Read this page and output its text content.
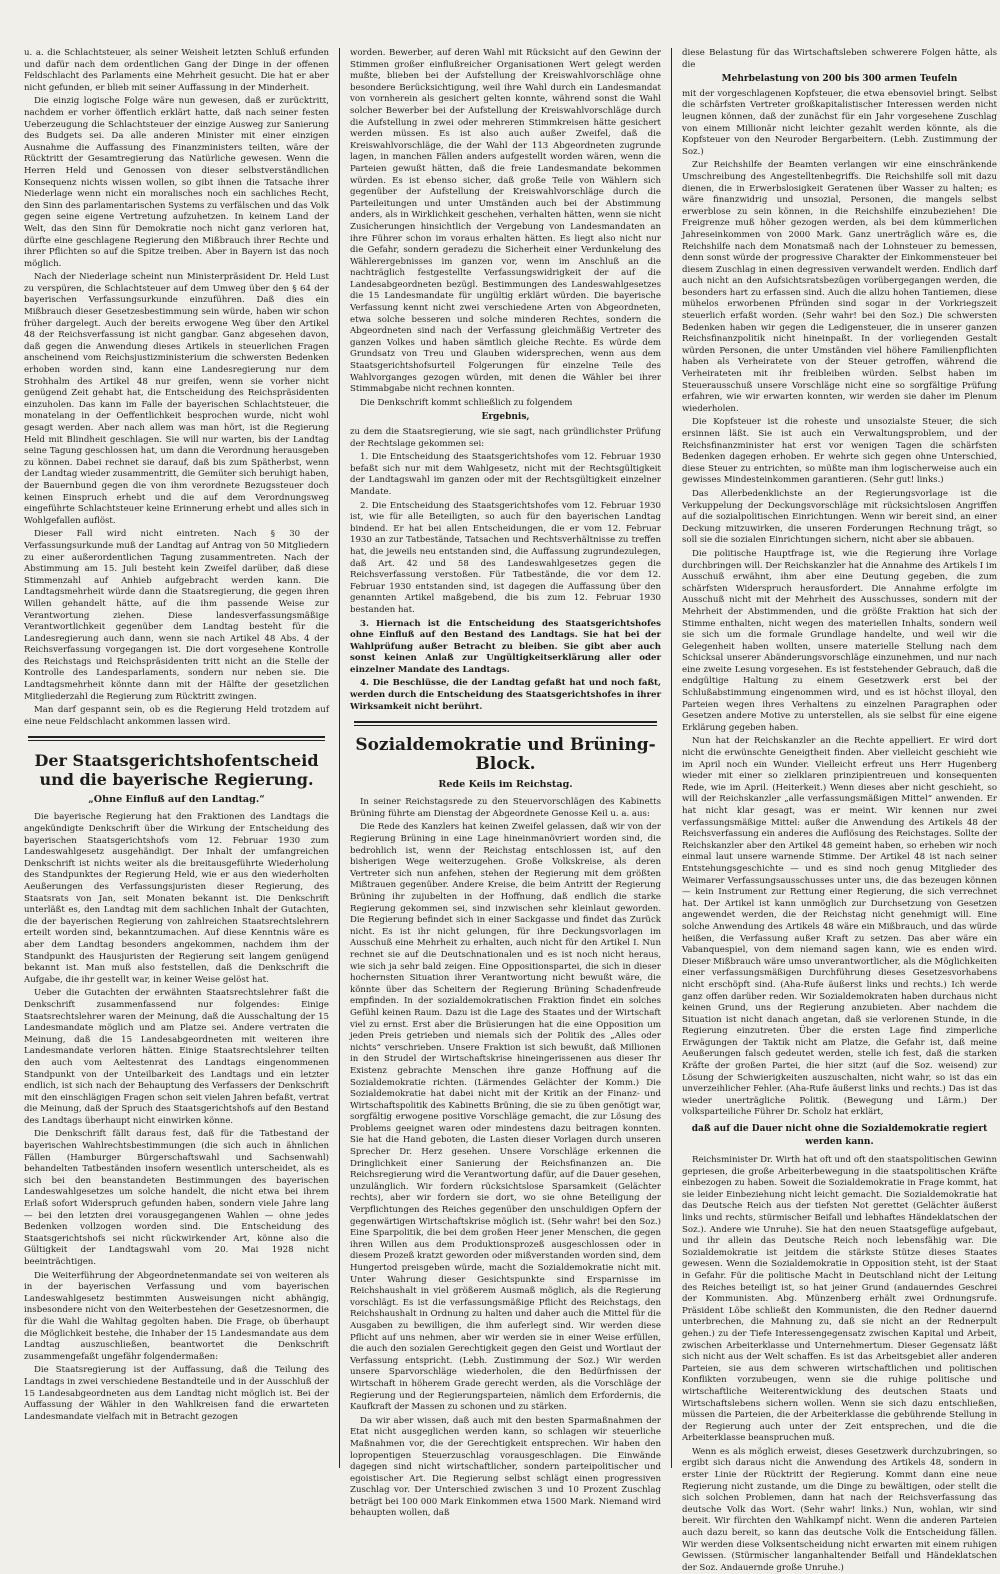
u. a. die Schlachtsteuer, als seiner Weisheit letzten Schluß erfunden und dafür nach dem ordentlichen Gang der Dinge in der offenen Feldschlacht des Parlaments eine Mehrheit gesucht. Die hat er aber nicht gefunden, er blieb mit seiner Auffassung in der Minderheit.

Die einzig logische Folge wäre nun gewesen, daß er zurücktritt, nachdem er vorher öffentlich erklärt hatte, daß nach seiner festen Ueberzeugung die Schlachtsteuer der einzige Ausweg zur Sanierung des Budgets sei. Da alle anderen Minister mit einer einzigen Ausnahme die Auffassung des Finanzministers teilten, wäre der Rücktritt der Gesamtregierung das Natürliche gewesen. Wenn die Herren Held und Genossen von dieser selbstverständlichen Konsequenz nichts wissen wollen, so gibt ihnen die Tatsache ihrer Niederlage wenn nicht ein moralisches noch ein sachliches Recht, den Sinn des parlamentarischen Systems zu verfälschen und das Volk gegen seine eigene Vertretung aufzuhetzen. In keinem Land der Welt, das den Sinn für Demokratie noch nicht ganz verloren hat, dürfte eine geschlagene Regierung den Mißbrauch ihrer Rechte und ihrer Pflichten so auf die Spitze treiben. Aber in Bayern ist das noch möglich.

Nach der Niederlage scheint nun Ministerpräsident Dr. Held Lust zu verspüren, die Schlachtsteuer auf dem Umweg über den § 64 der bayerischen Verfassungsurkunde einzuführen. Daß dies ein Mißbrauch dieser Gesetzesbestimmung sein würde, haben wir schon früher dargelegt. Auch der bereits erwogene Weg über den Artikel 48 der Reichsverfassung ist nicht gangbar. Ganz abgesehen davon, daß gegen die Anwendung dieses Artikels in steuerlichen Fragen anscheinend vom Reichsjustizministerium die schwersten Bedenken erhoben worden sind, kann eine Landesregierung nur dem Strohhalm des Artikel 48 nur greifen, wenn sie vorher nicht genügend Zeit gehabt hat, die Entscheidung des Reichspräsidenten einzuholen. Das kann im Falle der bayerischen Schlachtsteuer, die monatelang in der Oeffentlichkeit besprochen wurde, nicht wohl gesagt werden. Aber nach allem was man hört, ist die Regierung Held mit Blindheit geschlagen. Sie will nur warten, bis der Landtag seine Tagung geschlossen hat, um dann die Verordnung herausgeben zu können. Dabei rechnet sie darauf, daß bis zum Spätherbst, wenn der Landtag wieder zusammentritt, die Gemüter sich beruhigt haben, der Bauernbund gegen die von ihm verordnete Bezugssteuer doch keinen Einspruch erhebt und die auf dem Verordnungsweg eingeführte Schlachtsteuer keine Erinnerung erhebt und alles sich in Wohlgefallen auflöst.

Dieser Fall wird nicht eintreten. Nach § 30 der Verfassungsurkunde muß der Landtag auf Antrag von 50 Mitgliedern zu einer außerordentlichen Tagung zusammentreten. Nach der Abstimmung am 15. Juli besteht kein Zweifel darüber, daß diese Stimmenzahl auf Anhieb aufgebracht werden kann. Die Landtagsmehrheit würde dann die Staatsregierung, die gegen ihren Willen gehandelt hätte, auf die ihm passende Weise zur Verantwortung ziehen. Diese landesverfassungsmäßige Verantwortlichkeit gegenüber dem Landtag besteht für die Landesregierung auch dann, wenn sie nach Artikel 48 Abs. 4 der Reichsverfassung vorgegangen ist. Die dort vorgesehene Kontrolle des Reichstags und Reichspräsidenten tritt nicht an die Stelle der Kontrolle des Landesparlaments, sondern nur neben sie. Die Landtagsmehrheit könnte dann mit der Hälfte der gesetzlichen Mitgliederzahl die Regierung zum Rücktritt zwingen.

Man darf gespannt sein, ob es die Regierung Held trotzdem auf eine neue Feldschlacht ankommen lassen wird.

Der Staatsgerichtshofentscheid und die bayerische Regierung.
„Ohne Einfluß auf den Landtag.“

Die bayerische Regierung hat den Fraktionen des Landtags die angekündigte Denkschrift über die Wirkung der Entscheidung des bayerischen Staatsgerichtshofs vom 12. Februar 1930 zum Landeswahlgesetz ausgehändigt. Der Inhalt der umfangreichen Denkschrift ist nichts weiter als die breitausgeführte Wiederholung des Standpunktes der Regierung Held, wie er aus den wiederholten Aeußerungen des Verfassungsjuristen dieser Regierung, des Staatsrats von Jan, seit Monaten bekannt ist. Die Denkschrift unterläßt es, den Landtag mit dem sachlichen Inhalt der Gutachten, die der bayerischen Regierung von zahlreichen Staatsrechtslehrern erteilt worden sind, bekanntzumachen. Auf diese Kenntnis wäre es aber dem Landtag besonders angekommen, nachdem ihm der Standpunkt des Hausjuristen der Regierung seit langem genügend bekannt ist. Man muß also feststellen, daß die Denkschrift die Aufgabe, die ihr gestellt war, in keiner Weise gelöst hat.

Ueber die Gutachten der erwähnten Staatsrechtslehrer faßt die Denkschrift zusammenfassend nur folgendes: Einige Staatsrechtslehrer waren der Meinung, daß die Ausschaltung der 15 Landesmandate möglich und am Platze sei. Andere vertraten die Meinung, daß die 15 Landesabgeordneten mit weiteren ihre Landesmandate verloren hätten. Einige Staatsrechtslehrer teilten den auch vom Aeltestenrat des Landtags eingenommenen Standpunkt von der Unteilbarkeit des Landtags und ein letzter endlich, ist sich nach der Behauptung des Verfassers der Denkschrift mit den einschlägigen Fragen schon seit vielen Jahren befaßt, vertrat die Meinung, daß der Spruch des Staatsgerichtshofs auf den Bestand des Landtags überhaupt nicht einwirken könne.

Die Denkschrift fällt daraus fest, daß für die Tatbestand der bayerischen Wahlrechtsbestimmungen (die sich auch in ähnlichen Fällen (Hamburger Bürgerschaftswahl und Sachsenwahl) behandelten Tatbeständen insofern wesentlich unterscheidet, als es sich bei den beanstandeten Bestimmungen des bayerischen Landeswahlgesetzes um solche handelt, die nicht etwa bei ihrem Erlaß sofort Widerspruch gefunden haben, sondern viele Jahre lang — bei den letzten drei vorausgegangenen Wahlen — ohne jedes Bedenken vollzogen worden sind. Die Entscheidung des Staatsgerichtshofs sei nicht rückwirkender Art, könne also die Gültigkeit der Landtagswahl vom 20. Mai 1928 nicht beeinträchtigen.

Die Weiterführung der Abgeordnetenmandate sei von weiteren als in der bayerischen Verfassung und vom bayerischen Landeswahlgesetz bestimmten Ausweisungen nicht abhängig, insbesondere nicht von den Weiterbestehen der Gesetzesnormen, die für die Wahl die Wahltag gegolten haben. Die Frage, ob überhaupt die Möglichkeit bestehe, die Inhaber der 15 Landesmandate aus dem Landtag auszuschließen, beantwortet die Denkschrift zusammengefaßt ungefähr folgendermaßen:

Die Staatsregierung ist der Auffassung, daß die Teilung des Landtags in zwei verschiedene Bestandteile und in der Ausschluß der 15 Landesabgeordneten aus dem Landtag nicht möglich ist. Bei der Auffassung der Wähler in den Wahlkreisen fand die erwarteten Landesmandate vielfach mit in Betracht gezogen

worden. Bewerber, auf deren Wahl mit Rücksicht auf den Gewinn der Stimmen großer einflußreicher Organisationen Wert gelegt werden mußte, blieben bei der Aufstellung der Kreiswahlvorschläge ohne besondere Berücksichtigung, weil ihre Wahl durch ein Landesmandat von vornherein als gesichert gelten konnte, während sonst die Wahl solcher Bewerber bei der Aufstellung der Kreiswahlvorschläge durch die Aufstellung in zwei oder mehreren Stimmkreisen hätte gesichert werden müssen. Es ist also auch außer Zweifel, daß die Kreiswahlvorschläge, die der Wahl der 113 Abgeordneten zugrunde lagen, in manchen Fällen anders aufgestellt worden wären, wenn die Parteien gewußt hätten, daß die freie Landesmandate bekommen würden. Es ist ebenso sicher, daß große Teile von Wählern sich gegenüber der Aufstellung der Kreiswahlvorschläge durch die Parteileitungen und unter Umständen auch bei der Abstimmung anders, als in Wirklichkeit geschehen, verhalten hätten, wenn sie nicht Zusicherungen hinsichtlich der Vergebung von Landesmandaten an ihre Führer schon im voraus erhalten hätten. Es liegt also nicht nur die Gefahr, sondern geradezu die Sicherheit einer Verdunkelung des Wählerergebnisses im ganzen vor, wenn im Anschluß an die nachträglich festgestellte Verfassungswidrigkeit der auf die Landesabgeordneten bezügl. Bestimmungen des Landeswahlgesetzes die 15 Landesmandate für ungültig erklärt würden. Die bayerische Verfassung kennt nicht zwei verschiedene Arten von Abgeordneten, etwa solche besseren und solche minderen Rechtes, sondern die Abgeordneten sind nach der Verfassung gleichmäßig Vertreter des ganzen Volkes und haben sämtlich gleiche Rechte. Es würde dem Grundsatz von Treu und Glauben widersprechen, wenn aus dem Staatsgerichtshofsurteil Folgerungen für einzelne Teile des Wahlvorganges gezogen würden, mit denen die Wähler bei ihrer Stimmabgabe nicht rechnen konnten.

Die Denkschrift kommt schließlich zu folgendem

Ergebnis,

zu dem die Staatsregierung, wie sie sagt, nach gründlichster Prüfung der Rechtslage gekommen sei:

1. Die Entscheidung des Staatsgerichtshofes vom 12. Februar 1930 befaßt sich nur mit dem Wahlgesetz, nicht mit der Rechtsgültigkeit der Landtagswahl im ganzen oder mit der Rechtsgültigkeit einzelner Mandate.

2. Die Entscheidung des Staatsgerichtshofes vom 12. Februar 1930 ist, wie für alle Beteiligten, so auch für den bayerischen Landtag bindend. Er hat bei allen Entscheidungen, die er vom 12. Februar 1930 an zur Tatbestände, Tatsachen und Rechtsverhältnisse zu treffen hat, die jeweils neu entstanden sind, die Auffassung zugrundezulegen, daß Art. 42 und 58 des Landeswahlgesetzes gegen die Reichsverfassung verstoßen. Für Tatbestände, die vor dem 12. Februar 1930 entstanden sind, ist dagegen die Auffassung über den genannten Artikel maßgebend, die bis zum 12. Februar 1930 bestanden hat.

3. Hiernach ist die Entscheidung des Staatsgerichtshofes ohne Einfluß auf den Bestand des Landtags. Sie hat bei der Wahlprüfung außer Betracht zu bleiben. Sie gibt aber auch sonst keinen Anlaß zur Ungültigkeitserklärung aller oder einzelner Mandate des Landtags.

4. Die Beschlüsse, die der Landtag gefaßt hat und noch faßt, werden durch die Entscheidung des Staatsgerichtshofes in ihrer Wirksamkeit nicht berührt.

Sozialdemokratie und Brüning-Block.
Rede Keils im Reichstag.

In seiner Reichstagsrede zu den Steuervorschlägen des Kabinetts Brüning führte am Dienstag der Abgeordnete Genosse Keil u. a. aus:

Die Rede des Kanzlers hat keinen Zweifel gelassen, daß wir von der Regierung Brüning in eine Lage hineinmanövriert worden sind, die bedrohlich ist, wenn der Reichstag entschlossen ist, auf den bisherigen Wege weiterzugehen. Große Volkskreise, als deren Vertreter sich nun anfehen, stehen der Regierung mit dem größten Mißtrauen gegenüber. Andere Kreise, die beim Antritt der Regierung Brüning ihr zujubelten in der Hoffnung, daß endlich die starke Regierung gekommen sei, sind inzwischen sehr kleinlaut geworden. Die Regierung befindet sich in einer Sackgasse und findet das Zurück nicht. Es ist ihr nicht gelungen, für ihre Deckungsvorlagen im Ausschuß eine Mehrheit zu erhalten, auch nicht für den Artikel I. Nun rechnet sie auf die Deutschnationalen und es ist noch nicht heraus, wie sich ja sehr bald zeigen. Eine Oppositionspartei, die sich in dieser hochernsten Situation ihrer Verantwortung nicht bewußt wäre, die könnte über das Scheitern der Regierung Brüning Schadenfreude empfinden. In der sozialdemokratischen Fraktion findet ein solches Gefühl keinen Raum. Dazu ist die Lage des Staates und der Wirtschaft viel zu ernst. Erst aber die Brüsierungen hat die eine Opposition um jeden Preis getrieben und niemals sich der Politik des „Alles oder nichts“ verschrieben. Unsere Fraktion ist sich bewußt, daß Millionen in den Strudel der Wirtschaftskrise hineingerissenen aus dieser Ihr Existenz gebrachte Menschen ihre ganze Hoffnung auf die Sozialdemokratie richten. (Lärmendes Gelächter der Komm.) Die Sozialdemokratie hat dabei nicht mit der Kritik an der Finanz- und Wirtschaftspolitik des Kabinetts Brüning, die sie zu üben genötigt war, sorgfältig erwogene positive Vorschläge gemacht, die zur Lösung des Problems geeignet waren oder mindestens dazu beitragen konnten. Sie hat die Hand geboten, die Lasten dieser Vorlagen durch unseren Sprecher Dr. Herz gesehen. Unsere Vorschläge erkennen die Dringlichkeit einer Sanierung der Reichsfinanzen an. Die Reichsregierung wird die Verantwortung dafür, auf die Dauer gesehen, unzulänglich. Wir fordern rücksichtslose Sparsamkeit (Gelächter rechts), aber wir fordern sie dort, wo sie ohne Beteiligung der Verpflichtungen des Reiches gegenüber den unschuldigen Opfern der gegenwärtigen Wirtschaftskrise möglich ist. (Sehr wahr! bei den Soz.) Eine Sparpolitik, die bei dem großen Heer jener Menschen, die gegen ihren Willen aus dem Produktionsprozeß ausgeschlossen oder in diesem Prozeß kratzt geworden oder mißverstanden worden sind, dem Hungertod preisgeben würde, macht die Sozialdemokratie nicht mit. Unter Wahrung dieser Gesichtspunkte sind Ersparnisse im Reichshaushalt in viel größerem Ausmaß möglich, als die Regierung vorschlägt. Es ist die verfassungsmäßige Pflicht des Reichstags, den Reichshaushalt in Ordnung zu halten und daher auch die Mittel für die Ausgaben zu bewilligen, die ihm auferlegt sind. Wir werden diese Pflicht auf uns nehmen, aber wir werden sie in einer Weise erfüllen, die auch den sozialen Gerechtigkeit gegen den Geist und Wortlaut der Verfassung entspricht. (Lebh. Zustimmung der Soz.) Wir werden unsere Sparvorschläge wiederholen, die den Bedürfnissen der Wirtschaft in höherem Grade gerecht werden, als die Vorschläge der Regierung und der Regierungsparteien, nämlich dem Erfordernis, die Kaufkraft der Massen zu schonen und zu stärken.

Da wir aber wissen, daß auch mit den besten Sparmaßnahmen der Etat nicht ausgeglichen werden kann, so schlagen wir steuerliche Maßnahmen vor, die der Gerechtigkeit entsprechen. Wir haben den lopropentigen Steuerzuschlag vorausgeschlagen. Die Einwände dagegen sind nicht wirtschaftlicher, sondern parteipolitischer und egoistischer Art. Die Regierung selbst schlägt einen progressiven Zuschlag vor. Der Unterschied zwischen 3 und 10 Prozent Zuschlag beträgt bei 100 000 Mark Einkommen etwa 1500 Mark. Niemand wird behaupten wollen, daß

diese Belastung für das Wirtschaftsleben schwerere Folgen hätte, als die

Mehrbelastung von 200 bis 300 armen Teufeln

mit der vorgeschlagenen Kopfsteuer, die etwa ebensoviel bringt. Selbst die schärfsten Vertreter großkapitalistischer Interessen werden nicht leugnen können, daß der zunächst für ein Jahr vorgesehene Zuschlag von einem Millionär nicht leichter gezahlt werden könnte, als die Kopfsteuer von den Neuroder Bergarbeitern. (Lebh. Zustimmung der Soz.)

Zur Reichshilfe der Beamten verlangen wir eine einschränkende Umschreibung des Angestelltenbegriffs. Die Reichshilfe soll mit dazu dienen, die in Erwerbslosigkeit Geratenen über Wasser zu halten; es wäre finanzwidrig und unsozial, Personen, die mangels selbst erwerblose zu sein können, in die Reichshilfe einzubeziehen! Die Freigrenze muß höher gezogen werden, als bei dem kümmerlichen Jahreseinkommen von 2000 Mark. Ganz unerträglich wäre es, die Reichshilfe nach dem Monatsmaß nach der Lohnsteuer zu bemessen, denn sonst würde der progressive Charakter der Einkommensteuer bei diesem Zuschlag in einen degressiven verwandelt werden. Endlich darf auch nicht an den Aufsichtsratsbezügen vorübergegangen werden, die besonders hart zu erfassen sind. Auch die allzu hohen Tantiemen, diese mühelos erworbenen Pfründen sind sogar in der Vorkriegszeit steuerlich erfaßt worden. (Sehr wahr! bei den Soz.) Die schwersten Bedenken haben wir gegen die Ledigensteuer, die in unserer ganzen Reichsfinanzpolitik nicht hineinpaßt. In der vorliegenden Gestalt würden Personen, die unter Umständen viel höhere Familienpflichten haben als Verheiratete von der Steuer getroffen, während die Verheirateten mit ihr freibleiben würden. Selbst haben im Steuerausschuß unsere Vorschläge nicht eine so sorgfältige Prüfung erfahren, wie wir erwarten konnten, wir werden sie daher im Plenum wiederholen.

Die Kopfsteuer ist die roheste und unsozialste Steuer, die sich ersinnen läßt. Sie ist auch ein Verwaltungsproblem, und der Reichsfinanzminister hat erst vor wenigen Tagen die schärfsten Bedenken dagegen erhoben. Er wehrte sich gegen ohne Unterschied, diese Steuer zu entrichten, so müßte man ihm logischerweise auch ein gewisses Mindesteinkommen garantieren. (Sehr gut! links.)

Das Allerbedenklichste an der Regierungsvorlage ist die Verkuppelung der Deckungsvorschläge mit rücksichtslosen Angriffen auf die sozialpolitischen Einrichtungen. Wenn wir bereit sind, an einer Deckung mitzuwirken, die unseren Forderungen Rechnung trägt, so soll sie die sozialen Einrichtungen sichern, nicht aber sie abbauen.

Die politische Hauptfrage ist, wie die Regierung ihre Vorlage durchbringen will. Der Reichskanzler hat die Annahme des Artikels I im Ausschuß erwähnt, ihm aber eine Deutung gegeben, die zum schärfsten Widerspruch herausfordert. Die Annahme erfolgte im Ausschuß nicht mit der Mehrheit des Ausschusses, sondern mit der Mehrheit der Abstimmenden, und die größte Fraktion hat sich der Stimme enthalten, nicht wegen des materiellen Inhalts, sondern weil sie sich um die formale Grundlage handelte, und weil wir die Gelegenheit haben wollten, unsere materielle Stellung nach dem Schicksal unserer Abänderungsvorschläge einzunehmen, und nur nach eine zweite Lesung vorgesehen. Es ist feststehender Gebrauch, daß die endgültige Haltung zu einem Gesetzwerk erst bei der Schlußabstimmung eingenommen wird, und es ist höchst illoyal, den Parteien wegen ihres Verhaltens zu einzelnen Paragraphen oder Gesetzen andere Motive zu unterstellen, als sie selbst für eine eigene Erklärung gegeben haben.

Nun hat der Reichskanzler an die Rechte appelliert. Er wird dort nicht die erwünschte Geneigtheit finden. Aber vielleicht geschieht wie im April noch ein Wunder. Vielleicht erfreut uns Herr Hugenberg wieder mit einer so zielklaren prinzipientreuen und konsequenten Rede, wie im April. (Heiterkeit.) Wenn dieses aber nicht geschieht, so will der Reichskanzler „alle verfassungsmäßigen Mittel“ anwenden. Er hat nicht klar gesagt, was er meint. Wir kennen nur zwei verfassungsmäßige Mittel: außer die Anwendung des Artikels 48 der Reichsverfassung ein anderes die Auflösung des Reichstages. Sollte der Reichskanzler aber den Artikel 48 gemeint haben, so erheben wir noch einmal laut unsere warnende Stimme. Der Artikel 48 ist nach seiner Entstehungsgeschichte — und es sind noch genug Mitglieder des Weimarer Verfassungsausschusses unter uns, die das bezeugen können — kein Instrument zur Rettung einer Regierung, die sich verrechnet hat. Der Artikel ist kann unmöglich zur Durchsetzung von Gesetzen angewendet werden, die der Reichstag nicht genehmigt will. Eine solche Anwendung des Artikels 48 wäre ein Mißbrauch, und das würde heißen, die Verfassung außer Kraft zu setzen. Das aber wäre ein Vabanquespiel, von dem niemand sagen kann, wie es enden wird. Dieser Mißbrauch wäre umso unverantwortlicher, als die Möglichkeiten einer verfassungsmäßigen Durchführung dieses Gesetzesvorhabens nicht erschöpft sind. (Aha-Rufe äußerst links und rechts.) Ich werde ganz offen darüber reden. Wir Sozialdemokraten haben durchaus nicht keinen Grund, uns der Regierung anzubieten. Aber nachdem die Situation ist nicht danach angetan, daß sie verlorenen Stunde, in die Regierung einzutreten. Über die ersten Lage find zimperliche Erwägungen der Taktik nicht am Platze, die Gefahr ist, daß meine Aeußerungen falsch gedeutet werden, stelle ich fest, daß die starken Kräfte der großen Partei, die hier sitzt (auf die Soz. weisend) zur Lösung der Schwierigkeiten auszuschalten, nicht wahr, so ist das ein unverzeihlicher Fehler. (Aha-Rufe äußerst links und rechts.) Das ist das wieder unerträgliche Politik. (Bewegung und Lärm.) Der volksparteiliche Führer Dr. Scholz hat erklärt,

daß auf die Dauer nicht ohne die Sozialdemokratie regiert werden kann.

Reichsminister Dr. Wirth hat oft und oft den staatspolitischen Gewinn gepriesen, die große Arbeiterbewegung in die staatspolitischen Kräfte einbezogen zu haben. Soweit die Sozialdemokratie in Frage kommt, hat sie leider Einbeziehung nicht leicht gemacht. Die Sozialdemokratie hat das Deutsche Reich aus der tiefsten Not gerettet (Gelächter äußerst links und rechts, stürmischer Beifall und lebhaftes Händeklatschen der Soz.). Andere wie Unruhe). Sie hat den neuen Staatsgefüge aufgebaut, und ihr allein das Deutsche Reich noch lebensfähig war. Die Sozialdemokratie ist jeitdem die stärkste Stütze dieses Staates gewesen. Wenn die Sozialdemokratie in Opposition steht, ist der Staat in Gefahr. Für die politische Macht in Deutschland nicht der Leitung des Reiches beteiligt ist, so hat jeiner Grund (andauerndes Geschrei der Kommunisten. Abg. Münzenberg erhält zwei Ordnungsrufe. Präsident Löbe schließt den Kommunisten, die den Redner dauernd unterbrechen, die Mahnung zu, daß sie nicht an der Rednerpult gehen.) zu der Tiefe Interessengegensatz zwischen Kapital und Arbeit, zwischen Arbeiterklasse und Unternehmertum. Dieser Gegensatz läßt sich nicht aus der Welt schaffen. Es ist das Arbeitsgebiet aller anderen Parteien, sie aus dem schweren wirtschaftlichen und politischen Konflikten vorzubeugen, wenn sie die ruhige politische und wirtschaftliche Weiterentwicklung des deutschen Staats und Wirtschaftslebens sichern wollen. Wenn sie sich dazu entschließen, müssen die Parteien, die der Arbeiterklasse die gebührende Stellung in der Regierung auch unter der Zeit entsprechen, und die die Arbeiterklasse beanspruchen muß.

Wenn es als möglich erweist, dieses Gesetzwerk durchzubringen, so ergibt sich daraus nicht die Anwendung des Artikels 48, sondern in erster Linie der Rücktritt der Regierung. Kommt dann eine neue Regierung nicht zustande, um die Dinge zu bewältigen, oder stellt die sich solchen Problemen, dann hat nach der Reichsverfassung das deutsche Volk das Wort. (Sehr wahr! links.) Nun, wohlan, wir sind bereit. Wir fürchten den Wahlkampf nicht. Wenn die anderen Parteien auch dazu bereit, so kann das deutsche Volk die Entscheidung fällen. Wir werden diese Volksentscheidung nicht erwarten mit einem ruhigen Gewissen. (Stürmischer langanhaltender Beifall und Händeklatschen der Soz. Andauernde große Unruhe.)
